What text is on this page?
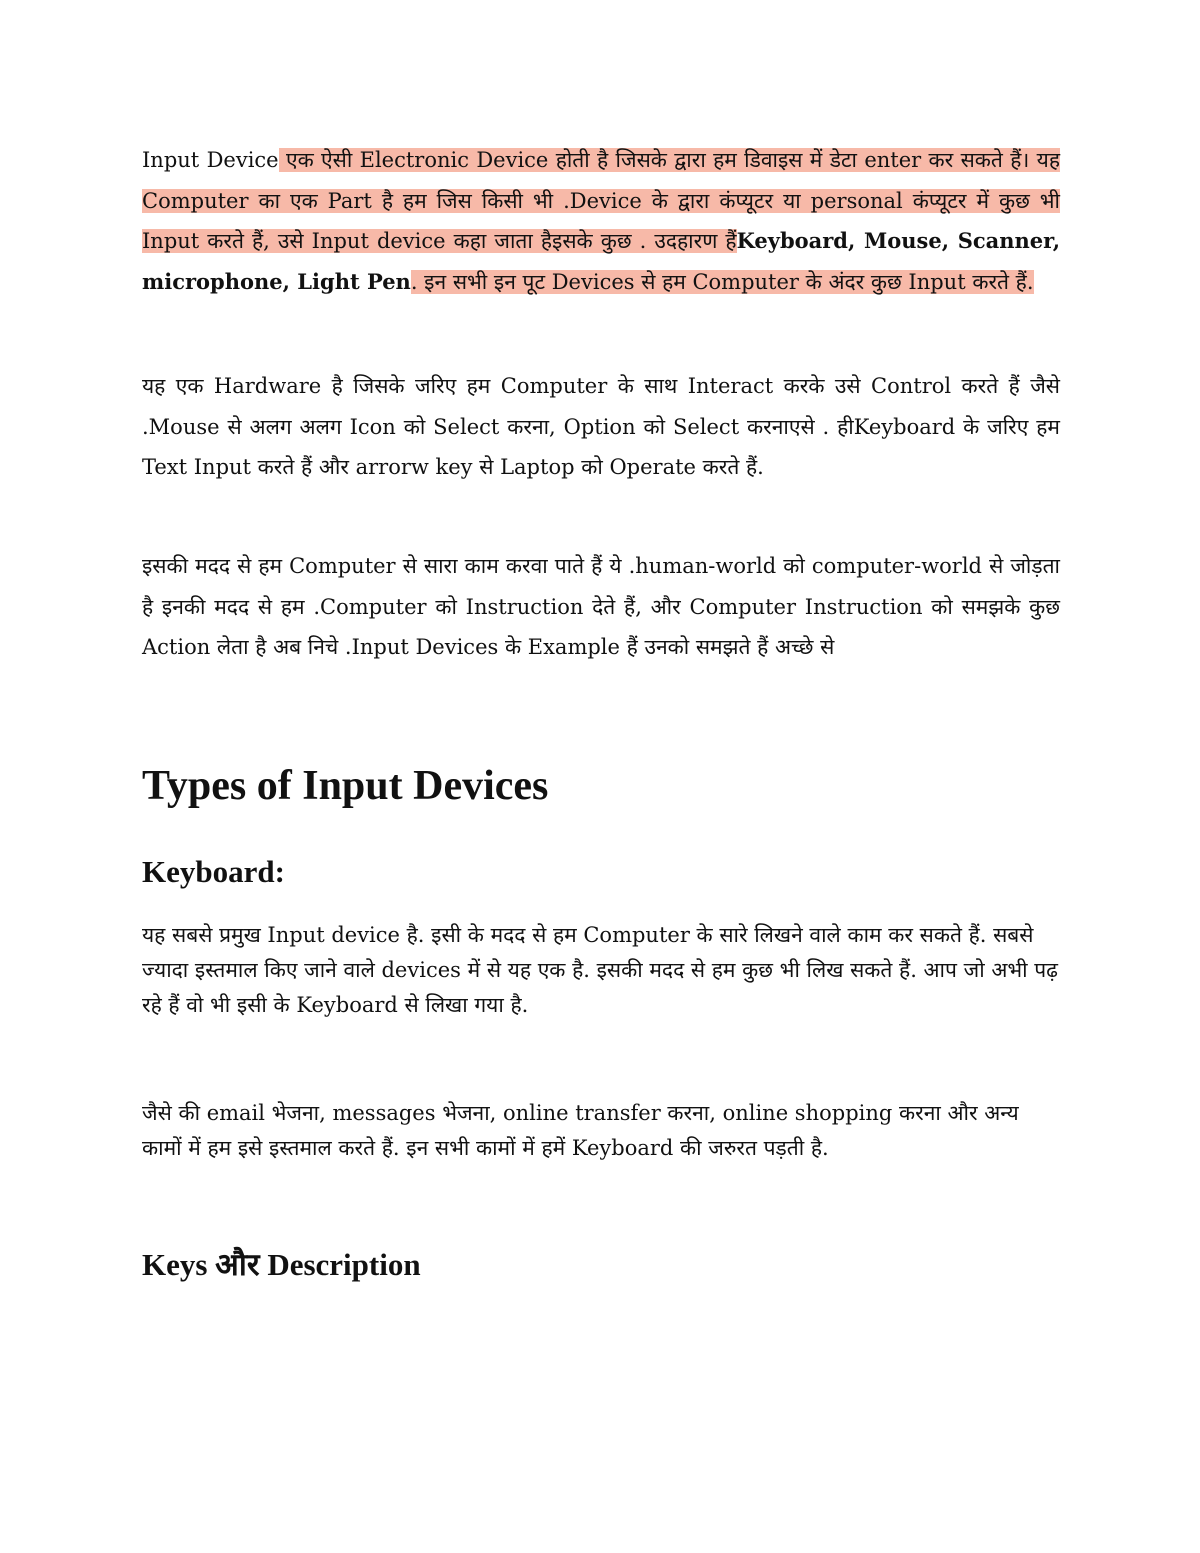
Input Device एक ऐसी Electronic Device होती है जिसके द्वारा हम डिवाइस में डेटा enter कर सकते हैं। यह Computer का एक Part है हम जिस किसी भी .Device के द्वारा कंप्यूटर या personal कंप्यूटर में कुछ भी Input करते हैं, उसे Input device कहा जाता हैइसके कुछ . उदहारण हैंKeyboard, Mouse, Scanner, microphone, Light Pen. इन सभी इन पूट Devices से हम Computer के अंदर कुछ Input करते हैं.

यह एक Hardware है जिसके जरिए हम Computer के साथ Interact करके उसे Control करते हैं जैसे .Mouse से अलग अलग Icon को Select करना, Option को Select करनाएसे . हीKeyboard के जरिए हम Text Input करते हैं और arrorw key से Laptop को Operate करते हैं.

इसकी मदद से हम Computer से सारा काम करवा पाते हैं ये .human-world को computer-world से जोड़ता है इनकी मदद से हम .Computer को Instruction देते हैं, और Computer Instruction को समझके कुछ Action लेता है अब निचे .Input Devices के Example हैं उनको समझते हैं अच्छे से

Types of Input Devices
Keyboard:

यह सबसे प्रमुख Input device है. इसी के मदद से हम Computer के सारे लिखने वाले काम कर सकते हैं. सबसे ज्यादा इस्तमाल किए जाने वाले devices में से यह एक है. इसकी मदद से हम कुछ भी लिख सकते हैं. आप जो अभी पढ़ रहे हैं वो भी इसी के Keyboard से लिखा गया है.

जैसे की email भेजना, messages भेजना, online transfer करना, online shopping करना और अन्य कामों में हम इसे इस्तमाल करते हैं. इन सभी कामों में हमें Keyboard की जरुरत पड़ती है.

Keys और Description
